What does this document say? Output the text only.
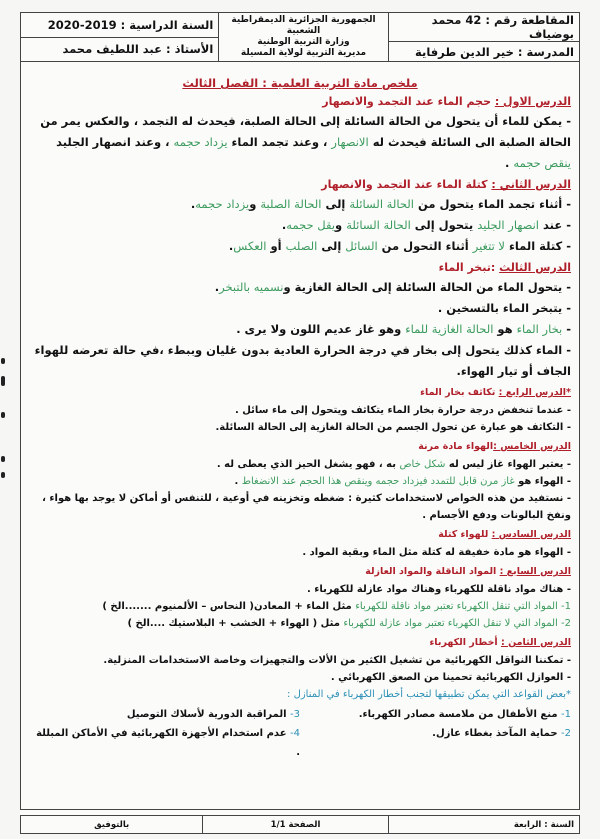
المقاطعة رقم : 42 محمد بوضياف
المدرسة : خير الدين طرفاية
الجمهورية الجزائرية الديمقراطية الشعبية
وزارة التربية الوطنية
مديرية التربية لولاية المسيلة
السنة الدراسية : 2019-2020
الأستاذ : عبد اللطيف محمد
ملخص مادة التربية العلمية : الفصل الثالث
الدرس الاول : حجم الماء عند التجمد والانصهار

- يمكن للماء أن يتحول من الحالة السائلة إلى الحالة الصلبة، فيحدث له التجمد ، والعكس يمر من الحالة الصلبة الى السائلة فيحدث له الانصهار ، وعند تجمد الماء يزداد حجمه ، وعند انصهار الجليد ينقص حجمه .

الدرس الثاني : كتلة الماء عند التجمد والانصهار

- أثناء تجمد الماء يتحول من الحالة السائلة إلى الحالة الصلبة ويزداد حجمه.

- عند انصهار الجليد يتحول إلى الحالة السائلة ويقل حجمه.

- كتلة الماء لا تتغير أثناء التحول من السائل إلى الصلب أو العكس.

الدرس الثالث :تبخر الماء

- يتحول الماء من الحالة السائلة إلى الحالة الغازية ونسميه بالتبخر.

- يتبخر الماء بالتسخين .

- بخار الماء هو الحالة الغازية للماء وهو غاز عديم اللون ولا يرى .

- الماء كذلك يتحول إلى بخار في درجة الحرارة العادية بدون غليان وببطء ،في حالة تعرضه للهواء الجاف أو تيار الهواء.

*الدرس الرابع : تكاثف بخار الماء

- عندما تنخفض درجة حرارة بخار الماء يتكاثف ويتحول إلى ماء سائل .

- التكاثف هو عبارة عن تحول الجسم من الحالة الغازية إلى الحالة السائلة.

الدرس الخامس :الهواء مادة مرنة

- يعتبر الهواء غاز ليس له شكل خاص به ، فهو يشغل الحيز الذي يعطى له .

- الهواء هو غاز مرن قابل للتمدد فيزداد حجمه وينقص هذا الحجم عند الانضغاط .

- نستفيد من هذه الخواص لاستخدامات كثيرة : ضغطه وتخزينه في أوعية ، للتنفس أو أماكن لا يوجد بها هواء ، ونفخ البالونات ودفع الأجسام .

الدرس السادس : للهواء كتلة

- الهواء هو مادة خفيفة له كتلة مثل الماء وبقية المواد .

الدرس السابع : المواد الناقلة والمواد العازلة

- هناك مواد ناقلة للكهرباء وهناك مواد عازلة للكهرباء .

1- المواد التي تنقل الكهرباء تعتبر مواد ناقلة للكهرباء مثل الماء + المعادن( النحاس – الألمنيوم .......الخ )

2- المواد التي لا تنقل الكهرباء تعتبر مواد عازلة للكهرباء مثل ( الهواء + الخشب + البلاستيك ....الخ )

الدرس الثامن : أخطار الكهرباء

- تمكننا النواقل الكهربائية من تشغيل الكثير من الألات والتجهيزات وخاصة الاستخدامات المنزلية.

- العوازل الكهربائية تحمينا من الصعق الكهربائي .

*بعض القواعد التي يمكن تطبيقها لتجنب أخطار الكهرباء في المنازل :

1- منع الأطفال من ملامسة مصادر الكهرباء.
3- المراقبة الدورية لأسلاك التوصيل
2- حماية المآخذ بغطاء عازل.
4- عدم استخدام الأجهزة الكهربائية في الأماكن المبللة .
السنة : الرابعة
الصفحة 1/1
بالتوفيق
